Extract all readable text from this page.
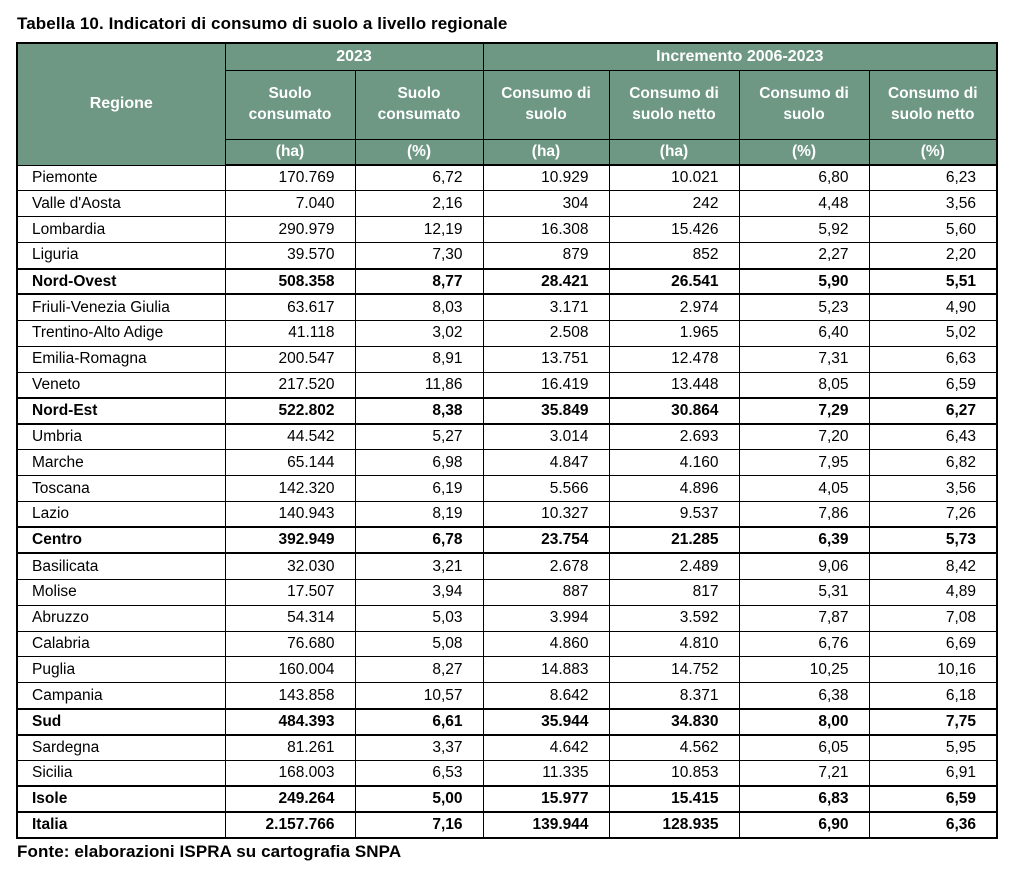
Tabella 10. Indicatori di consumo di suolo a livello regionale
Regione	2023		Incremento 2006-2023			
	Suolo consumato	Suolo consumato	Consumo di suolo	Consumo di suolo netto	Consumo di suolo	Consumo di suolo netto
	(ha)	(%)	(ha)	(ha)	(%)	(%)
Piemonte	170.769	6,72	10.929	10.021	6,80	6,23
Valle d'Aosta	7.040	2,16	304	242	4,48	3,56
Lombardia	290.979	12,19	16.308	15.426	5,92	5,60
Liguria	39.570	7,30	879	852	2,27	2,20
Nord-Ovest	508.358	8,77	28.421	26.541	5,90	5,51
Friuli-Venezia Giulia	63.617	8,03	3.171	2.974	5,23	4,90
Trentino-Alto Adige	41.118	3,02	2.508	1.965	6,40	5,02
Emilia-Romagna	200.547	8,91	13.751	12.478	7,31	6,63
Veneto	217.520	11,86	16.419	13.448	8,05	6,59
Nord-Est	522.802	8,38	35.849	30.864	7,29	6,27
Umbria	44.542	5,27	3.014	2.693	7,20	6,43
Marche	65.144	6,98	4.847	4.160	7,95	6,82
Toscana	142.320	6,19	5.566	4.896	4,05	3,56
Lazio	140.943	8,19	10.327	9.537	7,86	7,26
Centro	392.949	6,78	23.754	21.285	6,39	5,73
Basilicata	32.030	3,21	2.678	2.489	9,06	8,42
Molise	17.507	3,94	887	817	5,31	4,89
Abruzzo	54.314	5,03	3.994	3.592	7,87	7,08
Calabria	76.680	5,08	4.860	4.810	6,76	6,69
Puglia	160.004	8,27	14.883	14.752	10,25	10,16
Campania	143.858	10,57	8.642	8.371	6,38	6,18
Sud	484.393	6,61	35.944	34.830	8,00	7,75
Sardegna	81.261	3,37	4.642	4.562	6,05	5,95
Sicilia	168.003	6,53	11.335	10.853	7,21	6,91
Isole	249.264	5,00	15.977	15.415	6,83	6,59
Italia	2.157.766	7,16	139.944	128.935	6,90	6,36
Fonte: elaborazioni ISPRA su cartografia SNPA
